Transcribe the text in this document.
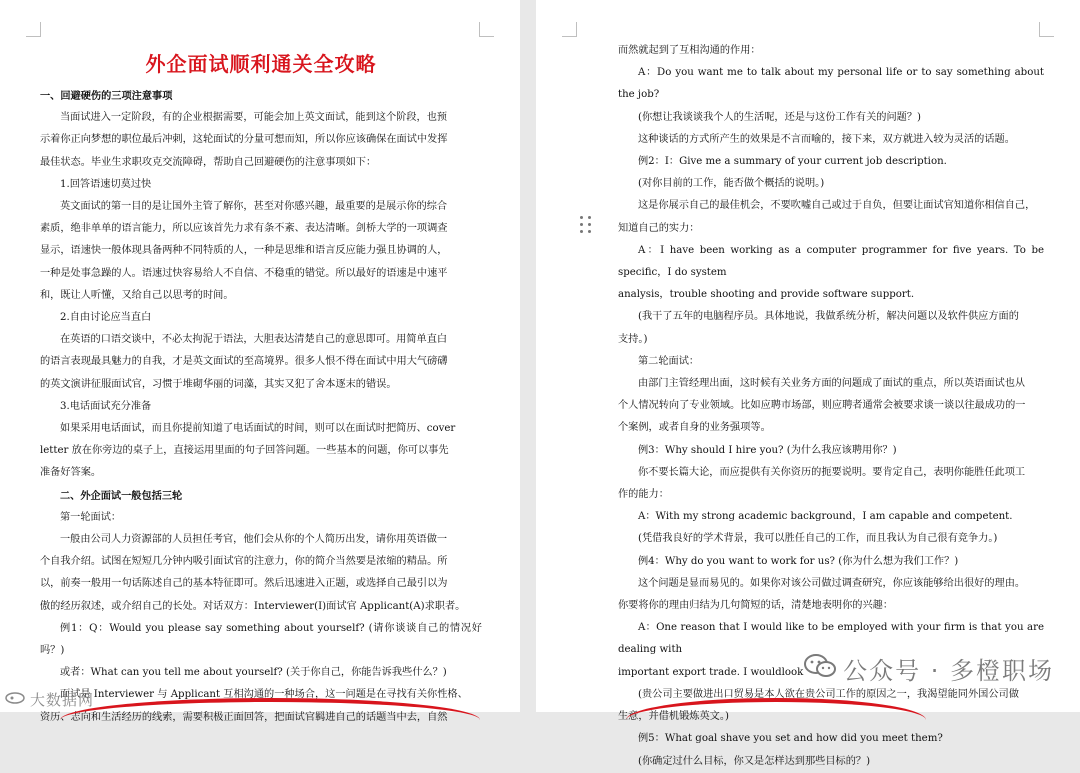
外企面试顺利通关全攻略

一、回避硬伤的三项注意事项

当面试进入一定阶段，有的企业根据需要，可能会加上英文面试，能到这个阶段，也预

示着你正向梦想的职位最后冲刺，这轮面试的分量可想而知，所以你应该确保在面试中发挥

最佳状态。毕业生求职攻克交流障碍，帮助自己回避硬伤的注意事项如下：

1.回答语速切莫过快

英文面试的第一目的是让国外主管了解你，甚至对你感兴趣，最重要的是展示你的综合

素质，绝非单单的语言能力，所以应该首先力求有条不紊、表达清晰。剑桥大学的一项调查

显示，语速快一般体现具备两种不同特质的人，一种是思维和语言反应能力强且协调的人，

一种是处事急躁的人。语速过快容易给人不自信、不稳重的错觉。所以最好的语速是中速平

和，既让人听懂，又给自己以思考的时间。

2.自由讨论应当直白

在英语的口语交谈中，不必太拘泥于语法，大胆表达清楚自己的意思即可。用简单直白

的语言表现最具魅力的自我，才是英文面试的至高境界。很多人恨不得在面试中用大气磅礴

的英文演讲征服面试官，习惯于堆砌华丽的词藻，其实又犯了舍本逐末的错误。

3.电话面试充分准备

如果采用电话面试，而且你提前知道了电话面试的时间，则可以在面试时把简历、cover

letter 放在你旁边的桌子上，直接运用里面的句子回答问题。一些基本的问题，你可以事先

准备好答案。

二、外企面试一般包括三轮

第一轮面试：

一般由公司人力资源部的人员担任考官，他们会从你的个人简历出发，请你用英语做一

个自我介绍。试图在短短几分钟内吸引面试官的注意力，你的简介当然要是浓缩的精品。所

以，前奏一般用一句话陈述自己的基本特征即可。然后迅速进入正题，或选择自己最引以为

傲的经历叙述，或介绍自己的长处。对话双方：Interviewer(I)面试官 Applicant(A)求职者。

例1：Q：Would you please say something about yourself? (请你谈谈自己的情况好吗？)

或者：What can you tell me about yourself? (关于你自己，你能告诉我些什么？)

面试是 Interviewer 与 Applicant 互相沟通的一种场合，这一问题是在寻找有关你性格、

资历、志向和生活经历的线索，需要积极正面回答，把面试官羁进自己的话题当中去，自然

而然就起到了互相沟通的作用：

A：Do you want me to talk about my personal life or to say something about the job?

(你想让我谈谈我个人的生活呢，还是与这份工作有关的问题？)

这种谈话的方式所产生的效果是不言而喻的，接下来，双方就进入较为灵活的话题。

例2：I：Give me a summary of your current job description.

(对你目前的工作，能否做个概括的说明。)

这是你展示自己的最佳机会，不要吹嘘自己或过于自负，但要让面试官知道你相信自己，

知道自己的实力：

A：I have been working as a computer programmer for five years. To be specific，I do system

analysis，trouble shooting and provide software support.

(我干了五年的电脑程序员。具体地说，我做系统分析，解决问题以及软件供应方面的

支持。)

第二轮面试：

由部门主管经理出面，这时候有关业务方面的问题成了面试的重点，所以英语面试也从

个人情况转向了专业领域。比如应聘市场部，则应聘者通常会被要求谈一谈以往最成功的一

个案例，或者自身的业务强项等。

例3：Why should I hire you? (为什么我应该聘用你？)

你不要长篇大论，而应提供有关你资历的扼要说明。要肯定自己，表明你能胜任此项工

作的能力：

A：With my strong academic background，I am capable and competent.

(凭借我良好的学术背景，我可以胜任自己的工作，而且我认为自己很有竞争力。)

例4：Why do you want to work for us? (你为什么想为我们工作？)

这个问题是显而易见的。如果你对该公司做过调查研究，你应该能够给出很好的理由。

你要将你的理由归结为几句简短的话，清楚地表明你的兴趣：

A：One reason that I would like to be employed with your firm is that you are dealing with

important export trade. I wouldlook

(贵公司主要做进出口贸易是本人欲在贵公司工作的原因之一，我渴望能同外国公司做

生意，并借机锻炼英文。)

例5：What goal shave you set and how did you meet them?

(你确定过什么目标，你又是怎样达到那些目标的？)

大数据网
公众号 · 多橙职场
